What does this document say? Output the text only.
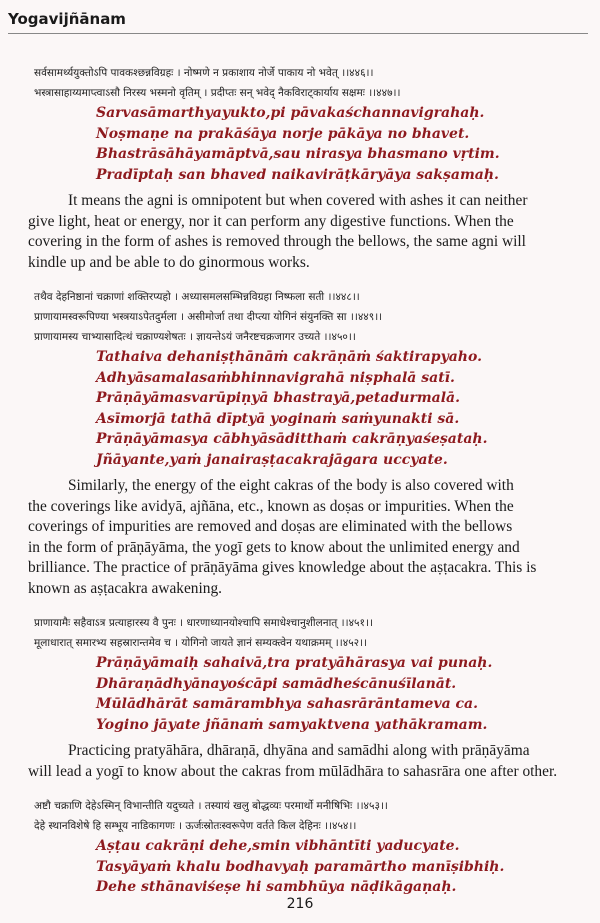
Yogavijñānam
सर्वसामर्थ्ययुक्तोऽपि पावकश्छन्नविग्रहः । नोष्मणे न प्रकाशाय नोर्जे पाकाय नो भवेत् ।।४४६।।
भस्त्रासाहाय्यमाप्त्वाऽसौ निरस्य भस्मनो वृतिम् । प्रदीप्तः सन् भवेद् नैकविराट्कार्याय सक्षमः ।।४४७।।
Sarvasāmarthyayukto,pi pāvakaśchannavigrahaḥ.
Noṣmaṇe na prakāśāya norje pākāya no bhavet.
Bhastrāsāhāyamāptvā,sau nirasya bhasmano vṛtim.
Pradīptaḥ san bhaved naikavirāṭkāryāya sakṣamaḥ.
It means the agni is omnipotent but when covered with ashes it can neither
give light, heat or energy, nor it can perform any digestive functions. When the
covering in the form of ashes is removed through the bellows, the same agni will
kindle up and be able to do ginormous works.
तथैव देहनिष्ठानां चक्राणां शक्तिरप्यहो । अध्यासमलसम्भिन्नविग्रहा निष्फला सती ।।४४८।।
प्राणायामस्वरूपिण्या भस्त्रयाऽपेतदुर्मला । असीमोर्जा तथा दीप्त्या योगिनं संयुनक्ति सा ।।४४९।।
प्राणायामस्य चाभ्यासादित्थं चक्राण्यशेषतः । ज्ञायन्तेऽयं जनैरष्टचक्रजागर उच्यते ।।४५०।।
Tathaiva dehaniṣṭhānāṁ cakrāṇāṁ śaktirapyaho.
Adhyāsamalasaṁbhinnavigrahā niṣphalā satī.
Prāṇāyāmasvarūpiṇyā bhastrayā,petadurmalā.
Asīmorjā tathā dīptyā yoginaṁ saṁyunakti sā.
Prāṇāyāmasya cābhyāsāditthaṁ cakrāṇyaśeṣataḥ.
Jñāyante,yaṁ janairaṣṭacakrajāgara uccyate.
Similarly, the energy of the eight cakras of the body is also covered with
the coverings like avidyā, ajñāna, etc., known as doṣas or impurities. When the
coverings of impurities are removed and doṣas are eliminated with the bellows
in the form of prāṇāyāma, the yogī gets to know about the unlimited energy and
brilliance. The practice of prāṇāyāma gives knowledge about the aṣṭacakra. This is
known as aṣṭacakra awakening.
प्राणायामैः सहैवाऽत्र प्रत्याहारस्य वै पुनः । धारणाध्यानयोश्चापि समाधेश्चानुशीलनात् ।।४५१।।
मूलाधारात् समारभ्य सहस्रारान्तमेव च । योगिनो जायते ज्ञानं सम्यक्त्वेन यथाक्रमम् ।।४५२।।
Prāṇāyāmaiḥ sahaivā,tra pratyāhārasya vai punaḥ.
Dhāraṇādhyānayoścāpi samādheścānuśīlanāt.
Mūlādhārāt samārambhya sahasrārāntameva ca.
Yogino jāyate jñānaṁ samyaktvena yathākramam.
Practicing pratyāhāra, dhāraṇā, dhyāna and samādhi along with prāṇāyāma
will lead a yogī to know about the cakras from mūlādhāra to sahasrāra one after other.
अष्टौ चक्राणि देहेऽस्मिन् विभान्तीति यदुच्यते । तस्यायं खलु बोद्धव्यः परमार्थो मनीषिभिः ।।४५३।।
देहे स्थानविशेषे हि सम्भूय नाडिकागणः । ऊर्जःस्रोतःस्वरूपेण वर्तते किल देहिनः ।।४५४।।
Aṣṭau cakrāṇi dehe,smin vibhāntīti yaducyate.
Tasyāyaṁ khalu bodhavyaḥ paramārtho manīṣibhiḥ.
Dehe sthānaviśeṣe hi sambhūya nāḍikāgaṇaḥ.
216
